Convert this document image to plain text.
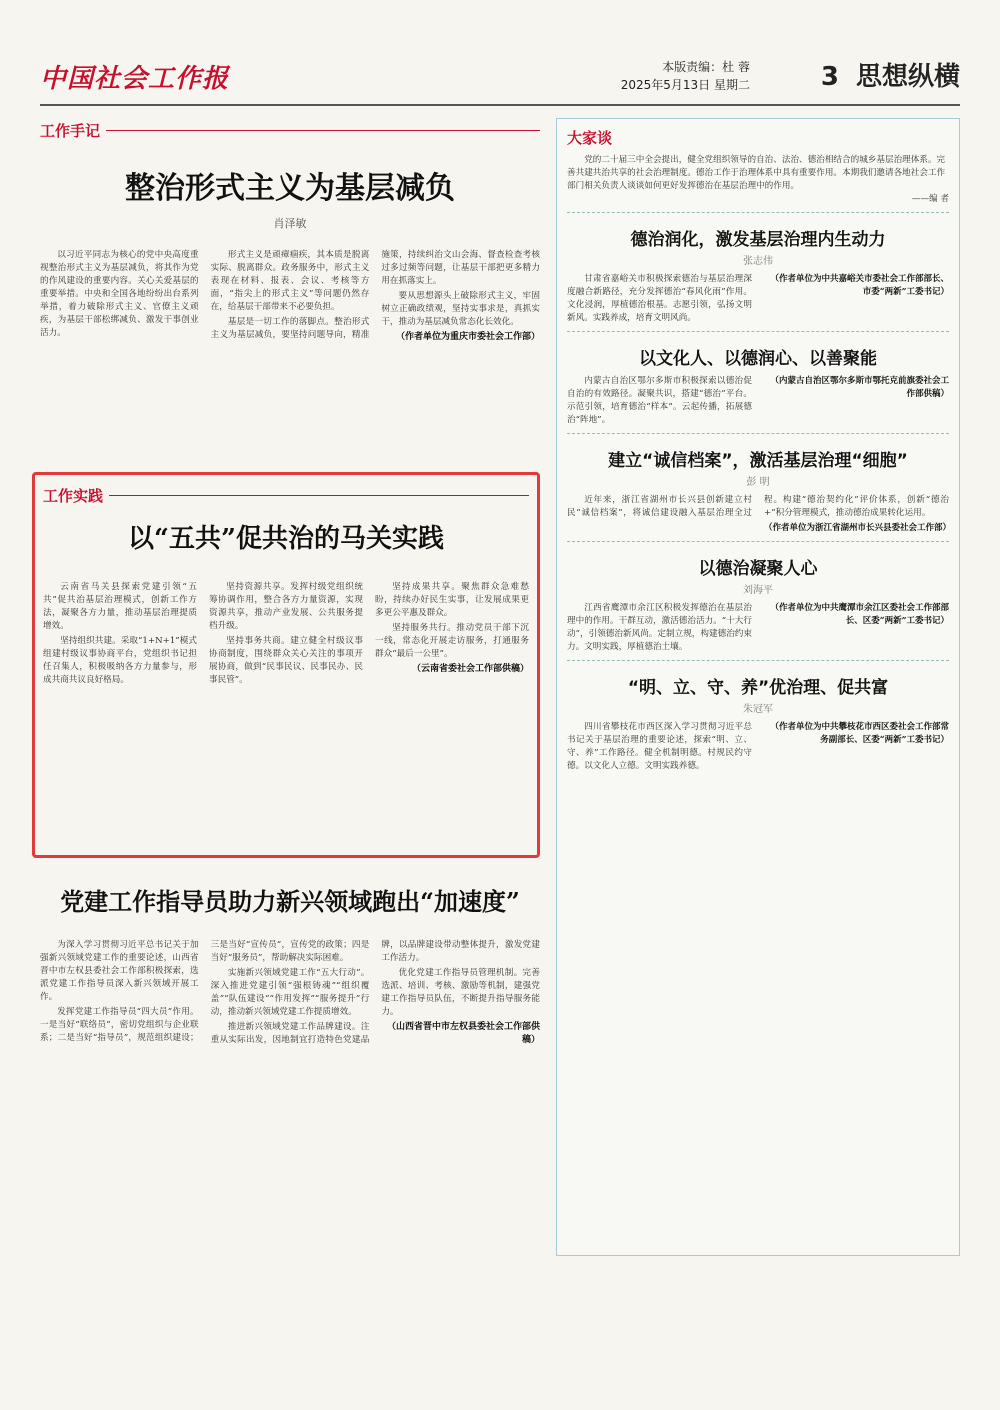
中国社会工作报	本版责编：杜 蓉
2025年5月13日 星期二	3 思想纵横
工作手记
整治形式主义为基层减负
肖泽敏

以习近平同志为核心的党中央高度重视整治形式主义为基层减负，将其作为党的作风建设的重要内容。关心关爱基层的重要举措。中央和全国各地纷纷出台系列举措，着力破除形式主义、官僚主义顽疾，为基层干部松绑减负、激发干事创业活力。

形式主义是顽瘴痼疾，其本质是脱离实际、脱离群众。政务服务中，形式主义表现在材料、报表、会议、考核等方面，“指尖上的形式主义”等问题仍然存在，给基层干部带来不必要负担。

基层是一切工作的落脚点。整治形式主义为基层减负，要坚持问题导向，精准施策，持续纠治文山会海、督查检查考核过多过频等问题，让基层干部把更多精力用在抓落实上。

要从思想源头上破除形式主义，牢固树立正确政绩观，坚持实事求是，真抓实干，推动为基层减负常态化长效化。

（作者单位为重庆市委社会工作部）
工作实践
以“五共”促共治的马关实践

云南省马关县探索党建引领“五共”促共治基层治理模式，创新工作方法，凝聚各方力量，推动基层治理提质增效。

坚持组织共建。采取“1+N+1”模式组建村级议事协商平台，党组织书记担任召集人，积极吸纳各方力量参与，形成共商共议良好格局。

坚持资源共享。发挥村级党组织统筹协调作用，整合各方力量资源，实现资源共享，推动产业发展、公共服务提档升级。

坚持事务共商。建立健全村级议事协商制度，围绕群众关心关注的事项开展协商，做到“民事民议、民事民办、民事民管”。

坚持成果共享。聚焦群众急难愁盼，持续办好民生实事，让发展成果更多更公平惠及群众。

坚持服务共行。推动党员干部下沉一线，常态化开展走访服务，打通服务群众“最后一公里”。

（云南省委社会工作部供稿）
党建工作指导员助力新兴领域跑出“加速度”

为深入学习贯彻习近平总书记关于加强新兴领域党建工作的重要论述，山西省晋中市左权县委社会工作部积极探索，选派党建工作指导员深入新兴领域开展工作。

发挥党建工作指导员“四大员”作用。一是当好“联络员”，密切党组织与企业联系；二是当好“指导员”，规范组织建设；三是当好“宣传员”，宣传党的政策；四是当好“服务员”，帮助解决实际困难。

实施新兴领域党建工作“五大行动”。深入推进党建引领“强根铸魂”“组织覆盖”“队伍建设”“作用发挥”“服务提升”行动，推动新兴领域党建工作提质增效。

推进新兴领域党建工作品牌建设。注重从实际出发，因地制宜打造特色党建品牌，以品牌建设带动整体提升，激发党建工作活力。

优化党建工作指导员管理机制。完善选派、培训、考核、激励等机制，建强党建工作指导员队伍，不断提升指导服务能力。

（山西省晋中市左权县委社会工作部供稿）
大家谈

党的二十届三中全会提出，健全党组织领导的自治、法治、德治相结合的城乡基层治理体系。完善共建共治共享的社会治理制度。德治工作于治理体系中具有重要作用。本期我们邀请各地社会工作部门相关负责人谈谈如何更好发挥德治在基层治理中的作用。

——编 者

德治润化，激发基层治理内生动力
张志伟

甘肃省嘉峪关市积极探索德治与基层治理深度融合新路径，充分发挥德治“春风化雨”作用。文化浸润，厚植德治根基。志愿引领，弘扬文明新风。实践养成，培育文明风尚。

（作者单位为中共嘉峪关市委社会工作部部长、市委“两新”工委书记）
以文化人、以德润心、以善聚能

内蒙古自治区鄂尔多斯市积极探索以德治促自治的有效路径。凝聚共识，搭建“德治”平台。示范引领，培育德治“样本”。云起传播，拓展德治“阵地”。

（内蒙古自治区鄂尔多斯市鄂托克前旗委社会工作部供稿）
建立“诚信档案”，激活基层治理“细胞”
彭 明

近年来，浙江省湖州市长兴县创新建立村民“诚信档案”，将诚信建设融入基层治理全过程。构建“德治契约化”评价体系，创新“德治+”积分管理模式，推动德治成果转化运用。

（作者单位为浙江省湖州市长兴县委社会工作部）
以德治凝聚人心
刘海平

江西省鹰潭市余江区积极发挥德治在基层治理中的作用。干群互动，激活德治活力。“十大行动”，引领德治新风尚。定制立规，构建德治约束力。文明实践，厚植德治土壤。

（作者单位为中共鹰潭市余江区委社会工作部部长、区委“两新”工委书记）
“明、立、守、养”优治理、促共富
朱冠军

四川省攀枝花市西区深入学习贯彻习近平总书记关于基层治理的重要论述，探索“明、立、守、养”工作路径。健全机制明德。村规民约守德。以文化人立德。文明实践养德。

（作者单位为中共攀枝花市西区委社会工作部常务副部长、区委“两新”工委书记）
